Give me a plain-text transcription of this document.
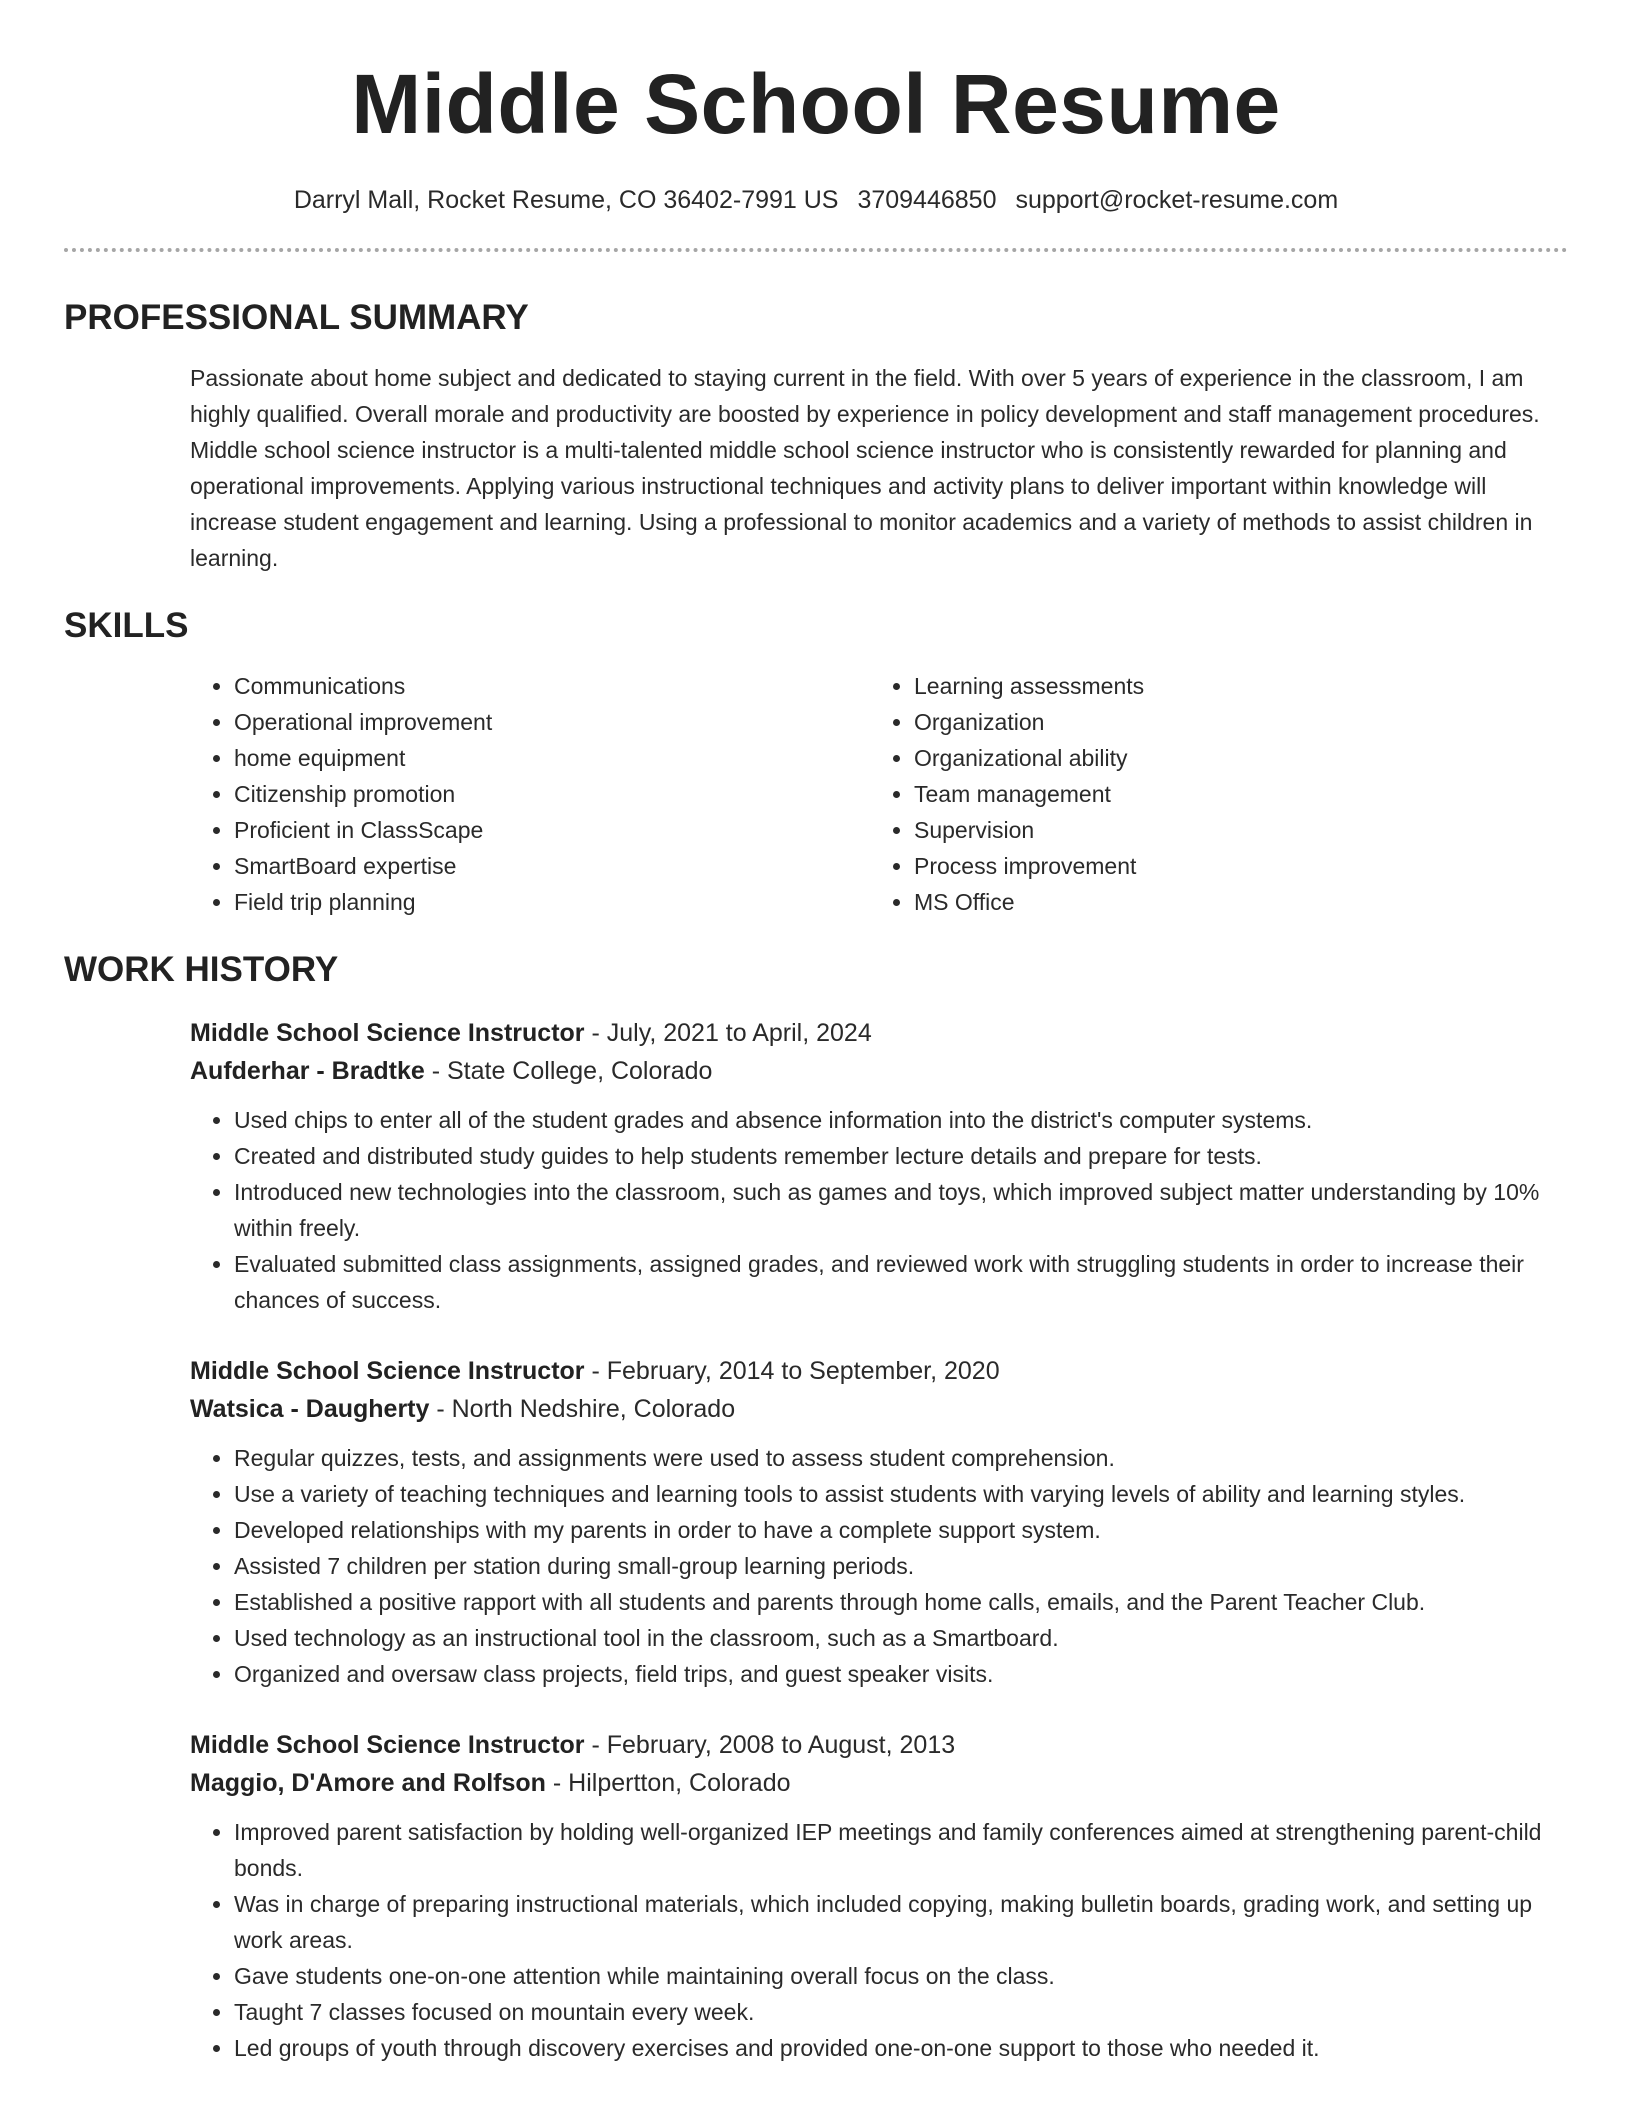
Middle School Resume
Darryl Mall, Rocket Resume, CO 36402-7991 US 3709446850 support@rocket-resume.com
PROFESSIONAL SUMMARY
Passionate about home subject and dedicated to staying current in the field. With over 5 years of experience in the classroom, I am highly qualified. Overall morale and productivity are boosted by experience in policy development and staff management procedures. Middle school science instructor is a multi-talented middle school science instructor who is consistently rewarded for planning and operational improvements. Applying various instructional techniques and activity plans to deliver important within knowledge will increase student engagement and learning. Using a professional to monitor academics and a variety of methods to assist children in learning.
SKILLS
• Communications
• Operational improvement
• home equipment
• Citizenship promotion
• Proficient in ClassScape
• SmartBoard expertise
• Field trip planning
• Learning assessments
• Organization
• Organizational ability
• Team management
• Supervision
• Process improvement
• MS Office
WORK HISTORY
Middle School Science Instructor - July, 2021 to April, 2024
Aufderhar - Bradtke - State College, Colorado
• Used chips to enter all of the student grades and absence information into the district's computer systems.
• Created and distributed study guides to help students remember lecture details and prepare for tests.
• Introduced new technologies into the classroom, such as games and toys, which improved subject matter understanding by 10% within freely.
• Evaluated submitted class assignments, assigned grades, and reviewed work with struggling students in order to increase their chances of success.
Middle School Science Instructor - February, 2014 to September, 2020
Watsica - Daugherty - North Nedshire, Colorado
• Regular quizzes, tests, and assignments were used to assess student comprehension.
• Use a variety of teaching techniques and learning tools to assist students with varying levels of ability and learning styles.
• Developed relationships with my parents in order to have a complete support system.
• Assisted 7 children per station during small-group learning periods.
• Established a positive rapport with all students and parents through home calls, emails, and the Parent Teacher Club.
• Used technology as an instructional tool in the classroom, such as a Smartboard.
• Organized and oversaw class projects, field trips, and guest speaker visits.
Middle School Science Instructor - February, 2008 to August, 2013
Maggio, D'Amore and Rolfson - Hilpertton, Colorado
• Improved parent satisfaction by holding well-organized IEP meetings and family conferences aimed at strengthening parent-child bonds.
• Was in charge of preparing instructional materials, which included copying, making bulletin boards, grading work, and setting up work areas.
• Gave students one-on-one attention while maintaining overall focus on the class.
• Taught 7 classes focused on mountain every week.
• Led groups of youth through discovery exercises and provided one-on-one support to those who needed it.
